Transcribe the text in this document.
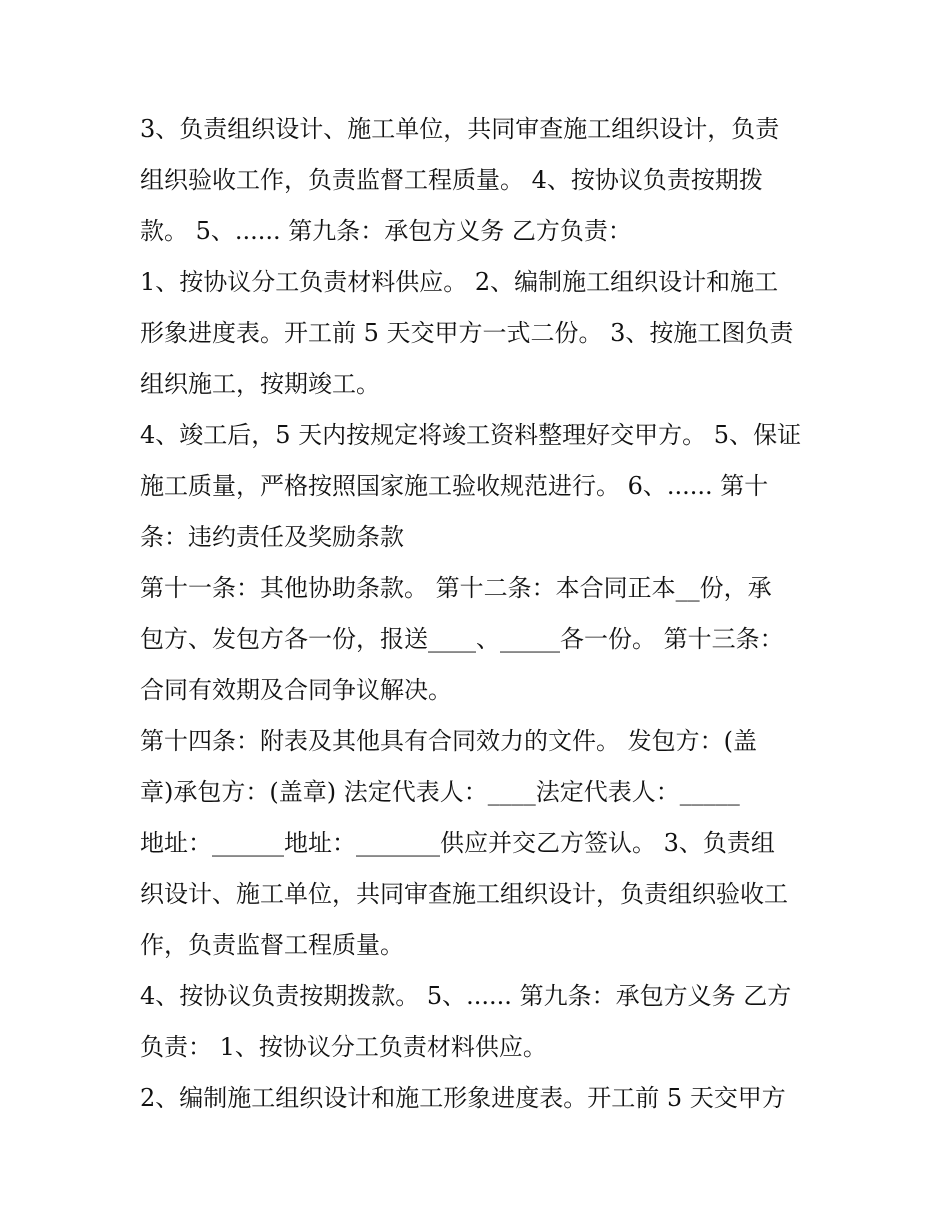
3、负责组织设计、施工单位，共同审查施工组织设计，负责
组织验收工作，负责监督工程质量。 4、按协议负责按期拨
款。 5、...... 第九条：承包方义务 乙方负责：
1、按协议分工负责材料供应。 2、编制施工组织设计和施工
形象进度表。开工前 5 天交甲方一式二份。 3、按施工图负责
组织施工，按期竣工。
4、竣工后，5 天内按规定将竣工资料整理好交甲方。 5、保证
施工质量，严格按照国家施工验收规范进行。 6、...... 第十
条：违约责任及奖励条款
第十一条：其他协助条款。 第十二条：本合同正本__份，承
包方、发包方各一份，报送____、_____各一份。 第十三条：
合同有效期及合同争议解决。
第十四条：附表及其他具有合同效力的文件。 发包方：(盖
章)承包方：(盖章) 法定代表人：____法定代表人：_____
地址：______地址：_______供应并交乙方签认。 3、负责组
织设计、施工单位，共同审查施工组织设计，负责组织验收工
作，负责监督工程质量。
4、按协议负责按期拨款。 5、...... 第九条：承包方义务 乙方
负责： 1、按协议分工负责材料供应。
2、编制施工组织设计和施工形象进度表。开工前 5 天交甲方
